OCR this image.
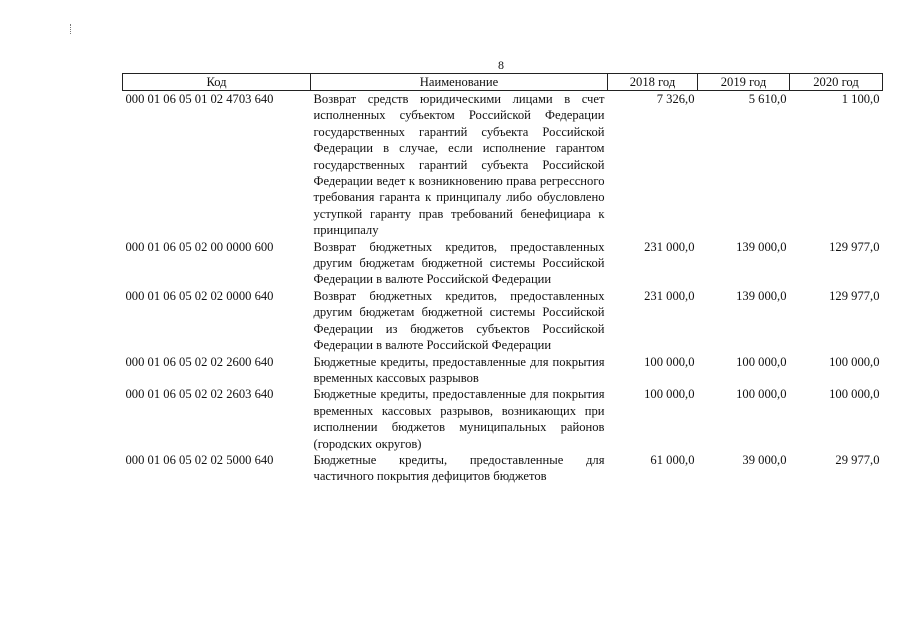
8
Код	Наименование	2018 год	2019 год	2020 год
000 01 06 05 01 02 4703 640	Возврат средств юридическими лицами в счет исполненных субъектом Российской Федерации государственных гарантий субъекта Российской Федерации в случае, если исполнение гарантом государственных гарантий субъекта Российской Федерации ведет к возникновению права регрессного требования гаранта к принципалу либо обусловлено уступкой гаранту прав требований бенефициара к принципалу	7 326,0	5 610,0	1 100,0
000 01 06 05 02 00 0000 600	Возврат бюджетных кредитов, предоставленных другим бюджетам бюджетной системы Российской Федерации в валюте Российской Федерации	231 000,0	139 000,0	129 977,0
000 01 06 05 02 02 0000 640	Возврат бюджетных кредитов, предоставленных другим бюджетам бюджетной системы Российской Федерации из бюджетов субъектов Российской Федерации в валюте Российской Федерации	231 000,0	139 000,0	129 977,0
000 01 06 05 02 02 2600 640	Бюджетные кредиты, предоставленные для покрытия временных кассовых разрывов	100 000,0	100 000,0	100 000,0
000 01 06 05 02 02 2603 640	Бюджетные кредиты, предоставленные для покрытия временных кассовых разрывов, возникающих при исполнении бюджетов муниципальных районов (городских округов)	100 000,0	100 000,0	100 000,0
000 01 06 05 02 02 5000 640	Бюджетные кредиты, предоставленные для частичного покрытия дефицитов бюджетов	61 000,0	39 000,0	29 977,0
